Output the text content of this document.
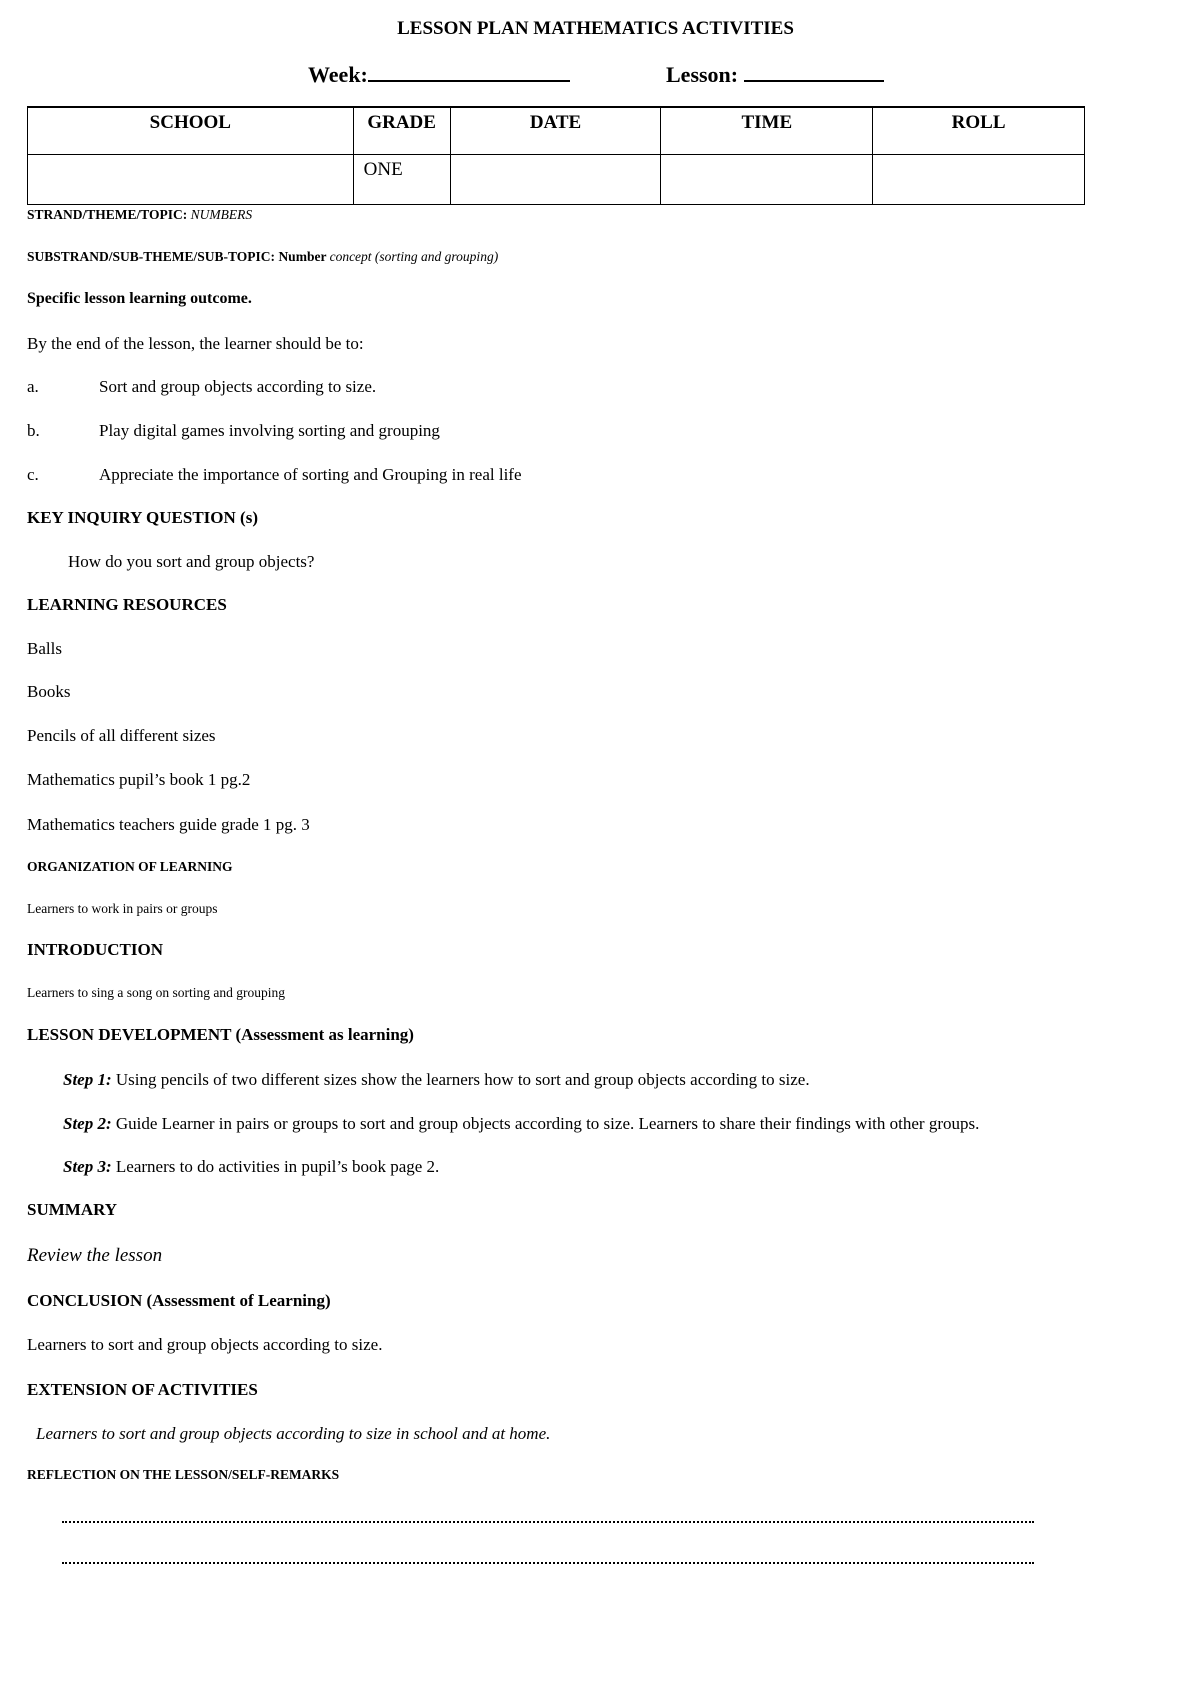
LESSON PLAN MATHEMATICS ACTIVITIES
Week:	Lesson:
SCHOOL	GRADE	DATE	TIME	ROLL
	ONE			
STRAND/THEME/TOPIC: NUMBERS
SUBSTRAND/SUB-THEME/SUB-TOPIC: Number concept (sorting and grouping)
Specific lesson learning outcome.
By the end of the lesson, the learner should be to:
a.	Sort and group objects according to size.
b.	Play digital games involving sorting and grouping
c.	Appreciate the importance of sorting and Grouping in real life
KEY INQUIRY QUESTION (s)
How do you sort and group objects?
LEARNING RESOURCES
Balls
Books
Pencils of all different sizes
Mathematics pupil’s book 1 pg.2
Mathematics teachers guide grade 1 pg. 3
ORGANIZATION OF LEARNING
Learners to work in pairs or groups
INTRODUCTION
Learners to sing a song on sorting and grouping
LESSON DEVELOPMENT (Assessment as learning)
Step 1: Using pencils of two different sizes show the learners how to sort and group objects according to size.
Step 2: Guide Learner in pairs or groups to sort and group objects according to size. Learners to share their findings with other groups.
Step 3: Learners to do activities in pupil’s book page 2.
SUMMARY
Review the lesson
CONCLUSION (Assessment of Learning)
Learners to sort and group objects according to size.
EXTENSION OF ACTIVITIES
Learners to sort and group objects according to size in school and at home.
REFLECTION ON THE LESSON/SELF-REMARKS
